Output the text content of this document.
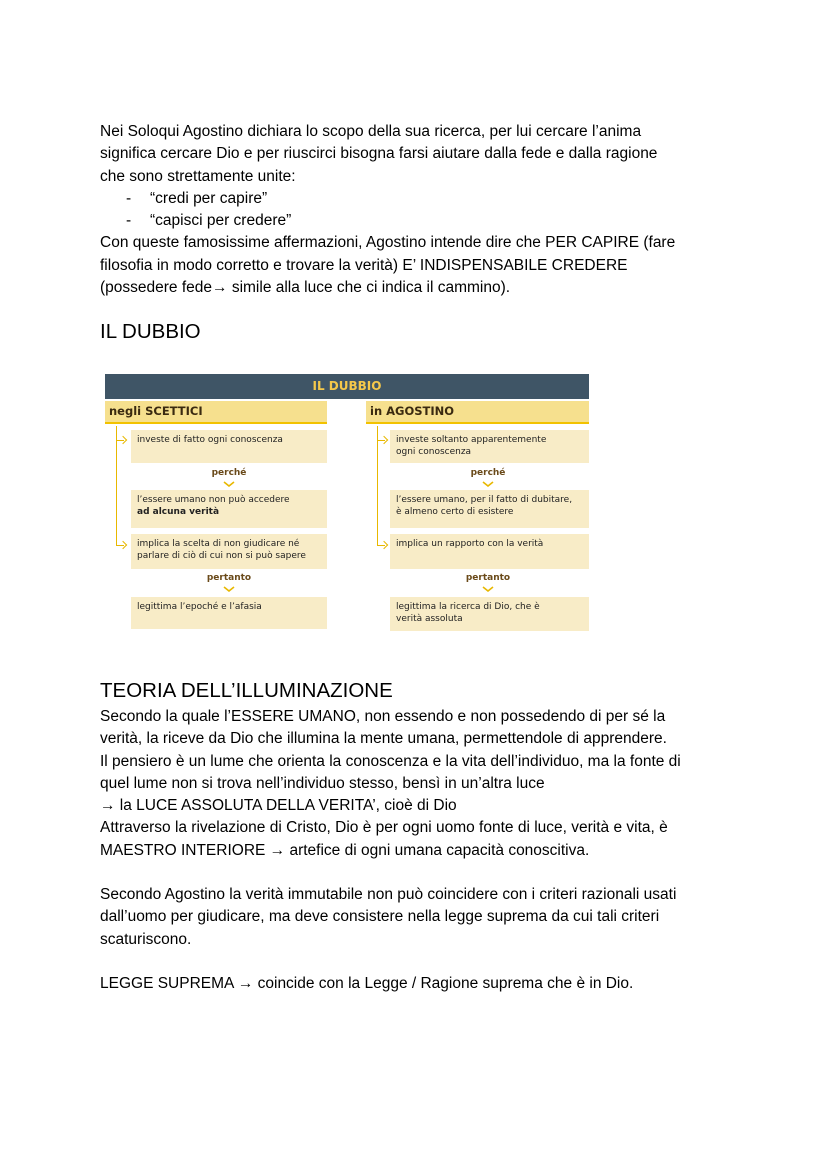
Nei Soloqui Agostino dichiara lo scopo della sua ricerca, per lui cercare l’anima

significa cercare Dio e per riuscirci bisogna farsi aiutare dalla fede e dalla ragione

che sono strettamente unite:

- “credi per capire”
- “capisci per credere”

Con queste famosissime affermazioni, Agostino intende dire che PER CAPIRE (fare

filosofia in modo corretto e trovare la verità) E’ INDISPENSABILE CREDERE

(possedere fede→ simile alla luce che ci indica il cammino).

IL DUBBIO
TEORIA DELL’ILLUMINAZIONE

Secondo la quale l’ESSERE UMANO, non essendo e non possedendo di per sé la

verità, la riceve da Dio che illumina la mente umana, permettendole di apprendere.

Il pensiero è un lume che orienta la conoscenza e la vita dell’individuo, ma la fonte di

quel lume non si trova nell’individuo stesso, bensì in un’altra luce

→ la LUCE ASSOLUTA DELLA VERITA’, cioè di Dio

Attraverso la rivelazione di Cristo, Dio è per ogni uomo fonte di luce, verità e vita, è

MAESTRO INTERIORE → artefice di ogni umana capacità conoscitiva.

Secondo Agostino la verità immutabile non può coincidere con i criteri razionali usati

dall’uomo per giudicare, ma deve consistere nella legge suprema da cui tali criteri

scaturiscono.

LEGGE SUPREMA → coincide con la Legge / Ragione suprema che è in Dio.

IL DUBBIO
negli SCETTICI
investe di fatto ogni conoscenza
perché
l’essere umano non può accedere
ad alcuna verità
implica la scelta di non giudicare né
parlare di ciò di cui non si può sapere
pertanto
legittima l’epoché e l’afasia
in AGOSTINO
investe soltanto apparentemente
ogni conoscenza
perché
l’essere umano, per il fatto di dubitare,
è almeno certo di esistere
implica un rapporto con la verità
pertanto
legittima la ricerca di Dio, che è
verità assoluta
